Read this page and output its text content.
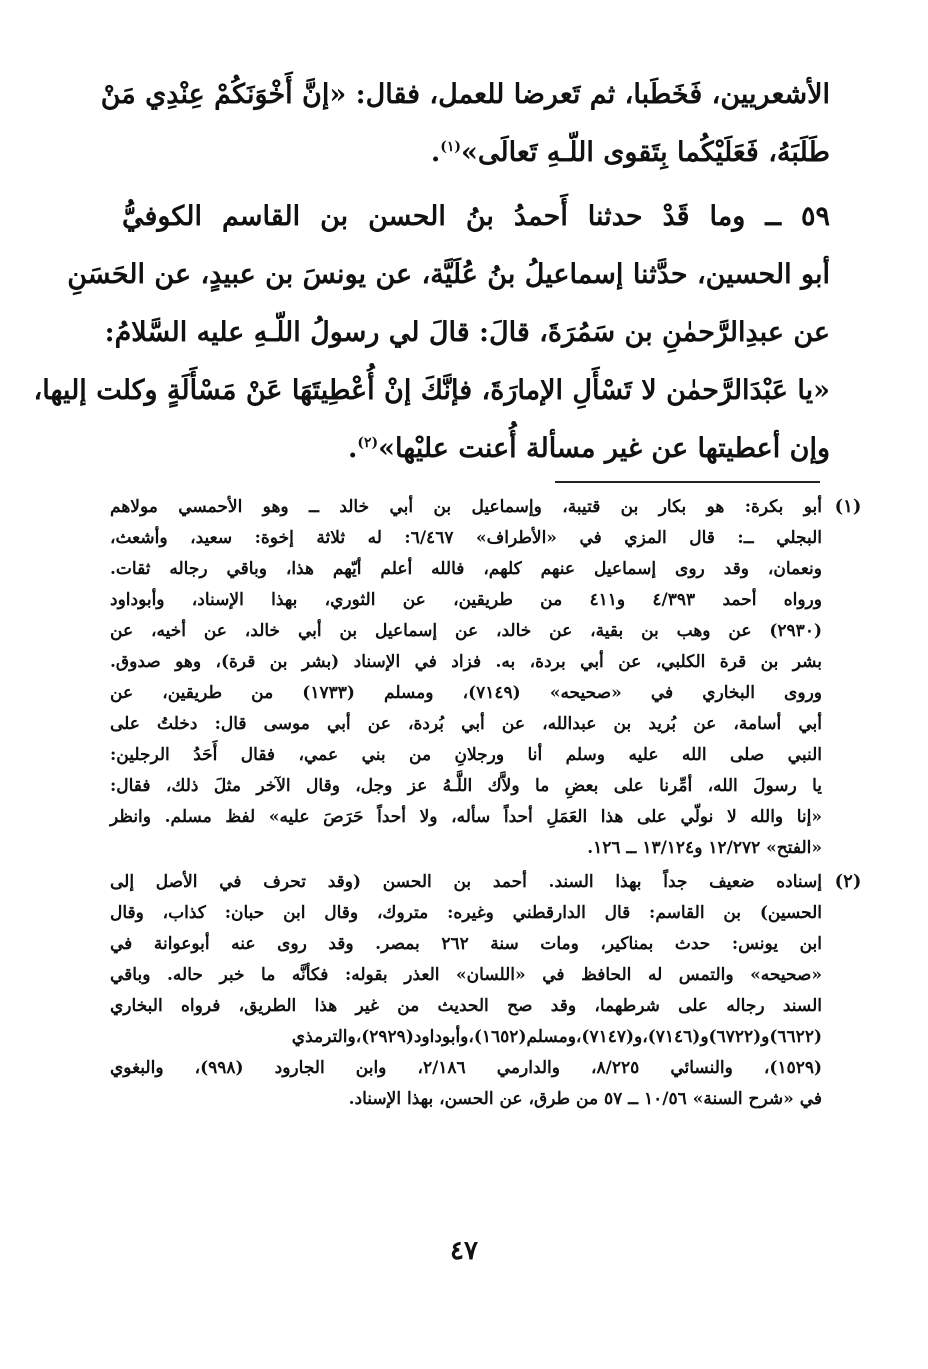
الأشعريين، فَخَطَبا، ثم تَعرضا للعمل، فقال: «إنَّ أَخْوَنَكُمْ عِنْدِي مَنْ
طَلَبَهُ، فَعَلَيْكُما بِتَقوى اللّـهِ تَعالَى»$^{(١)}$.
٥٩ ــ وما قَدْ حدثنا أَحمدُ بنُ الحسن بن القاسم الكوفيُّ
أبو الحسين، حدَّثنا إسماعيلُ بنُ عُلَيَّة، عن يونسَ بن عبيدٍ، عن الحَسَنِ
عن عبدِالرَّحمٰنِ بن سَمُرَةَ، قالَ: قالَ لي رسولُ اللّـهِ عليه السَّلامُ:
«يا عَبْدَالرَّحمٰن لا تَسْأَلِ الإمارَةَ، فإنَّكَ إنْ أُعْطِيتَهَا عَنْ مَسْأَلَةٍ وكلت إليها،
وإن أعطيتها عن غير مسألة أُعنت عليْها»$^{(٢)}$.
(١)
أبو بكرة: هو بكار بن قتيبة، وإسماعيل بن أبي خالد ــ وهو الأحمسي مولاهم
البجلي ــ: قال المزي في «الأطراف» ٦/٤٦٧: له ثلاثة إخوة: سعيد، وأشعث،
ونعمان، وقد روى إسماعيل عنهم كلهم، فالله أعلم أيّهم هذا، وباقي رجاله ثقات.
ورواه أحمد ٤/٣٩٣ و٤١١ من طريقين، عن الثوري، بهذا الإسناد، وأبوداود
(٢٩٣٠) عن وهب بن بقية، عن خالد، عن إسماعيل بن أبي خالد، عن أخيه، عن
بشر بن قرة الكلبي، عن أبي بردة، به. فزاد في الإسناد (بشر بن قرة)، وهو صدوق.
وروى البخاري في «صحيحه» (٧١٤٩)، ومسلم (١٧٣٣) من طريقين، عن
أبي أسامة، عن بُريد بن عبدالله، عن أبي بُردة، عن أبي موسى قال: دخلتُ على
النبي صلى الله عليه وسلم أنا ورجلانِ من بني عمي، فقال أَحَدُ الرجلين:
يا رسولَ الله، أمِّرنا على بعضِ ما ولاَّك اللَّـهُ عز وجل، وقال الآخر مثلَ ذلك، فقال:
«إنا والله لا نولّي على هذا العَمَلِ أحداً سأله، ولا أحداً حَرَصَ عليه» لفظ مسلم. وانظر
«الفتح» ١٢/٢٧٢ و١٣/١٢٤ ــ ١٢٦.
(٢)
إسناده ضعيف جداً بهذا السند. أحمد بن الحسن (وقد تحرف في الأصل إلى
الحسين) بن القاسم: قال الدارقطني وغيره: متروك، وقال ابن حبان: كذاب، وقال
ابن يونس: حدث بمناكير، ومات سنة ٢٦٢ بمصر. وقد روى عنه أبوعوانة في
«صحيحه» والتمس له الحافظ في «اللسان» العذر بقوله: فكأنَّه ما خبر حاله. وباقي
السند رجاله على شرطهما، وقد صح الحديث من غير هذا الطريق، فرواه البخاري
(٦٦٢٢)و(٦٧٢٢)و(٧١٤٦)،و(٧١٤٧)،ومسلم(١٦٥٢)،وأبوداود(٢٩٢٩)،والترمذي
(١٥٢٩)، والنسائي ٨/٢٢٥، والدارمي ٢/١٨٦، وابن الجارود (٩٩٨)، والبغوي
في «شرح السنة» ١٠/٥٦ ــ ٥٧ من طرق، عن الحسن، بهذا الإسناد.
٤٧
